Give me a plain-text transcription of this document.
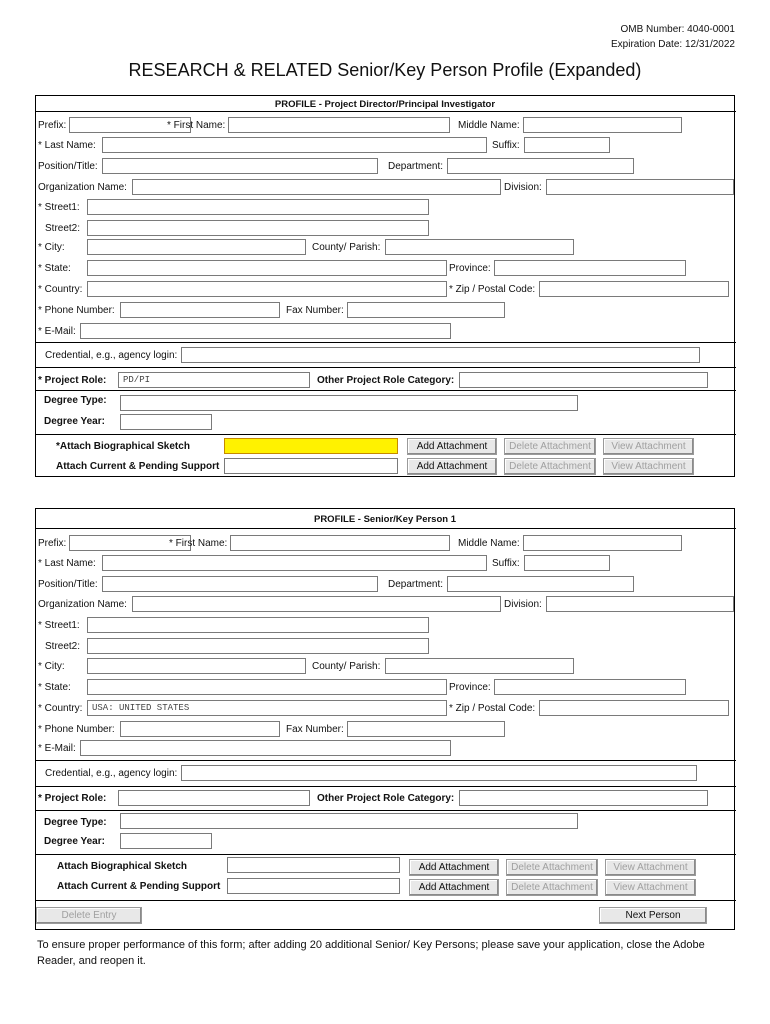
OMB Number: 4040-0001
Expiration Date: 12/31/2022
RESEARCH & RELATED Senior/Key Person Profile (Expanded)
PROFILE - Project Director/Principal Investigator
Prefix:	* First Name:	Middle Name:
* Last Name:	Suffix:
Position/Title:	Department:
Organization Name:	Division:
* Street1:
Street2:
* City:	County/ Parish:
* State:	Province:
* Country:	* Zip / Postal Code:
* Phone Number:	Fax Number:
* E-Mail:
Credential, e.g., agency login:
* Project Role:	PD/PI	Other Project Role Category:
Degree Type:
Degree Year:
*Attach Biographical Sketch	Add Attachment	Delete Attachment	View Attachment
Attach Current & Pending Support	Add Attachment	Delete Attachment	View Attachment
PROFILE - Senior/Key Person 1
Prefix:	* First Name:	Middle Name:
* Last Name:	Suffix:
Position/Title:	Department:
Organization Name:	Division:
* Street1:
Street2:
* City:	County/ Parish:
* State:	Province:
* Country:	USA: UNITED STATES	* Zip / Postal Code:
* Phone Number:	Fax Number:
* E-Mail:
Credential, e.g., agency login:
* Project Role:	Other Project Role Category:
Degree Type:
Degree Year:
Attach Biographical Sketch	Add Attachment	Delete Attachment	View Attachment
Attach Current & Pending Support	Add Attachment	Delete Attachment	View Attachment
Delete Entry	Next Person
To ensure proper performance of this form; after adding 20 additional Senior/ Key Persons; please save your application, close the Adobe Reader, and reopen it.
